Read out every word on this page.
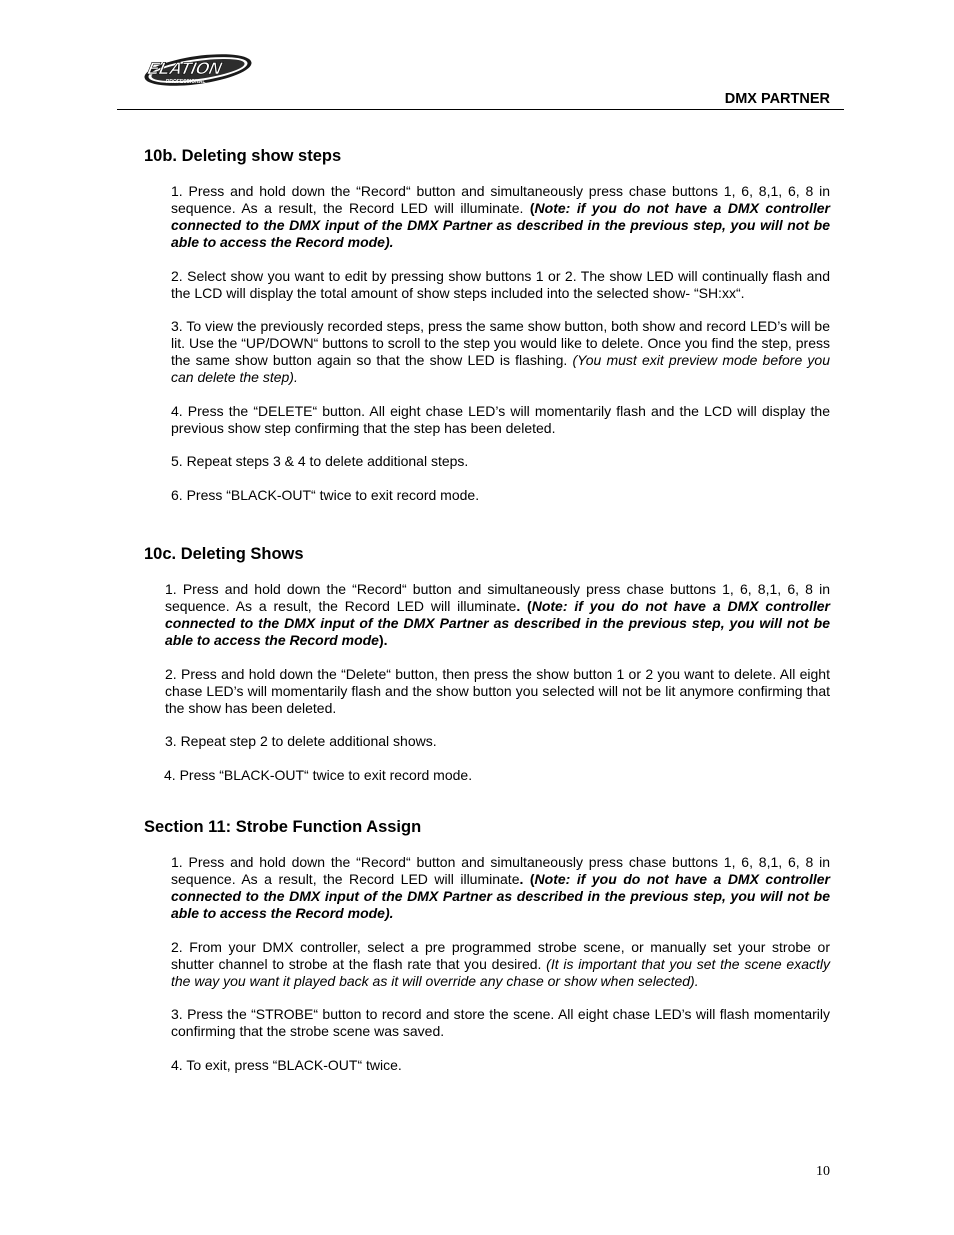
ELATION
PROFESSIONAL
DMX PARTNER
10b. Deleting show steps

1. Press and hold down the “Record“ button and simultaneously press chase buttons 1, 6, 8,1, 6, 8 in sequence. As a result, the Record LED will illuminate. (Note: if you do not have a DMX controller connected to the DMX input of the DMX Partner as described in the previous step, you will not be able to access the Record mode).

2. Select show you want to edit by pressing show buttons 1 or 2. The show LED will continually flash and the LCD will display the total amount of show steps included into the selected show- “SH:xx“.

3. To view the previously recorded steps, press the same show button, both show and record LED’s will be lit. Use the “UP/DOWN“ buttons to scroll to the step you would like to delete. Once you find the step, press the same show button again so that the show LED is flashing. (You must exit preview mode before you can delete the step).

4. Press the “DELETE“ button. All eight chase LED’s will momentarily flash and the LCD will display the previous show step confirming that the step has been deleted.

5. Repeat steps 3 & 4 to delete additional steps.

6. Press “BLACK-OUT“ twice to exit record mode.

10c. Deleting Shows

1. Press and hold down the “Record“ button and simultaneously press chase buttons 1, 6, 8,1, 6, 8 in sequence. As a result, the Record LED will illuminate. (Note: if you do not have a DMX controller connected to the DMX input of the DMX Partner as described in the previous step, you will not be able to access the Record mode).

2. Press and hold down the “Delete“ button, then press the show button 1 or 2 you want to delete. All eight chase LED’s will momentarily flash and the show button you selected will not be lit anymore confirming that the show has been deleted.

3. Repeat step 2 to delete additional shows.

4. Press “BLACK-OUT“ twice to exit record mode.

Section 11: Strobe Function Assign

1. Press and hold down the “Record“ button and simultaneously press chase buttons 1, 6, 8,1, 6, 8 in sequence. As a result, the Record LED will illuminate. (Note: if you do not have a DMX controller connected to the DMX input of the DMX Partner as described in the previous step, you will not be able to access the Record mode).

2. From your DMX controller, select a pre programmed strobe scene, or manually set your strobe or shutter channel to strobe at the flash rate that you desired. (It is important that you set the scene exactly the way you want it played back as it will override any chase or show when selected).

3. Press the “STROBE“ button to record and store the scene. All eight chase LED’s will flash momentarily confirming that the strobe scene was saved.

4. To exit, press “BLACK-OUT“ twice.

10
